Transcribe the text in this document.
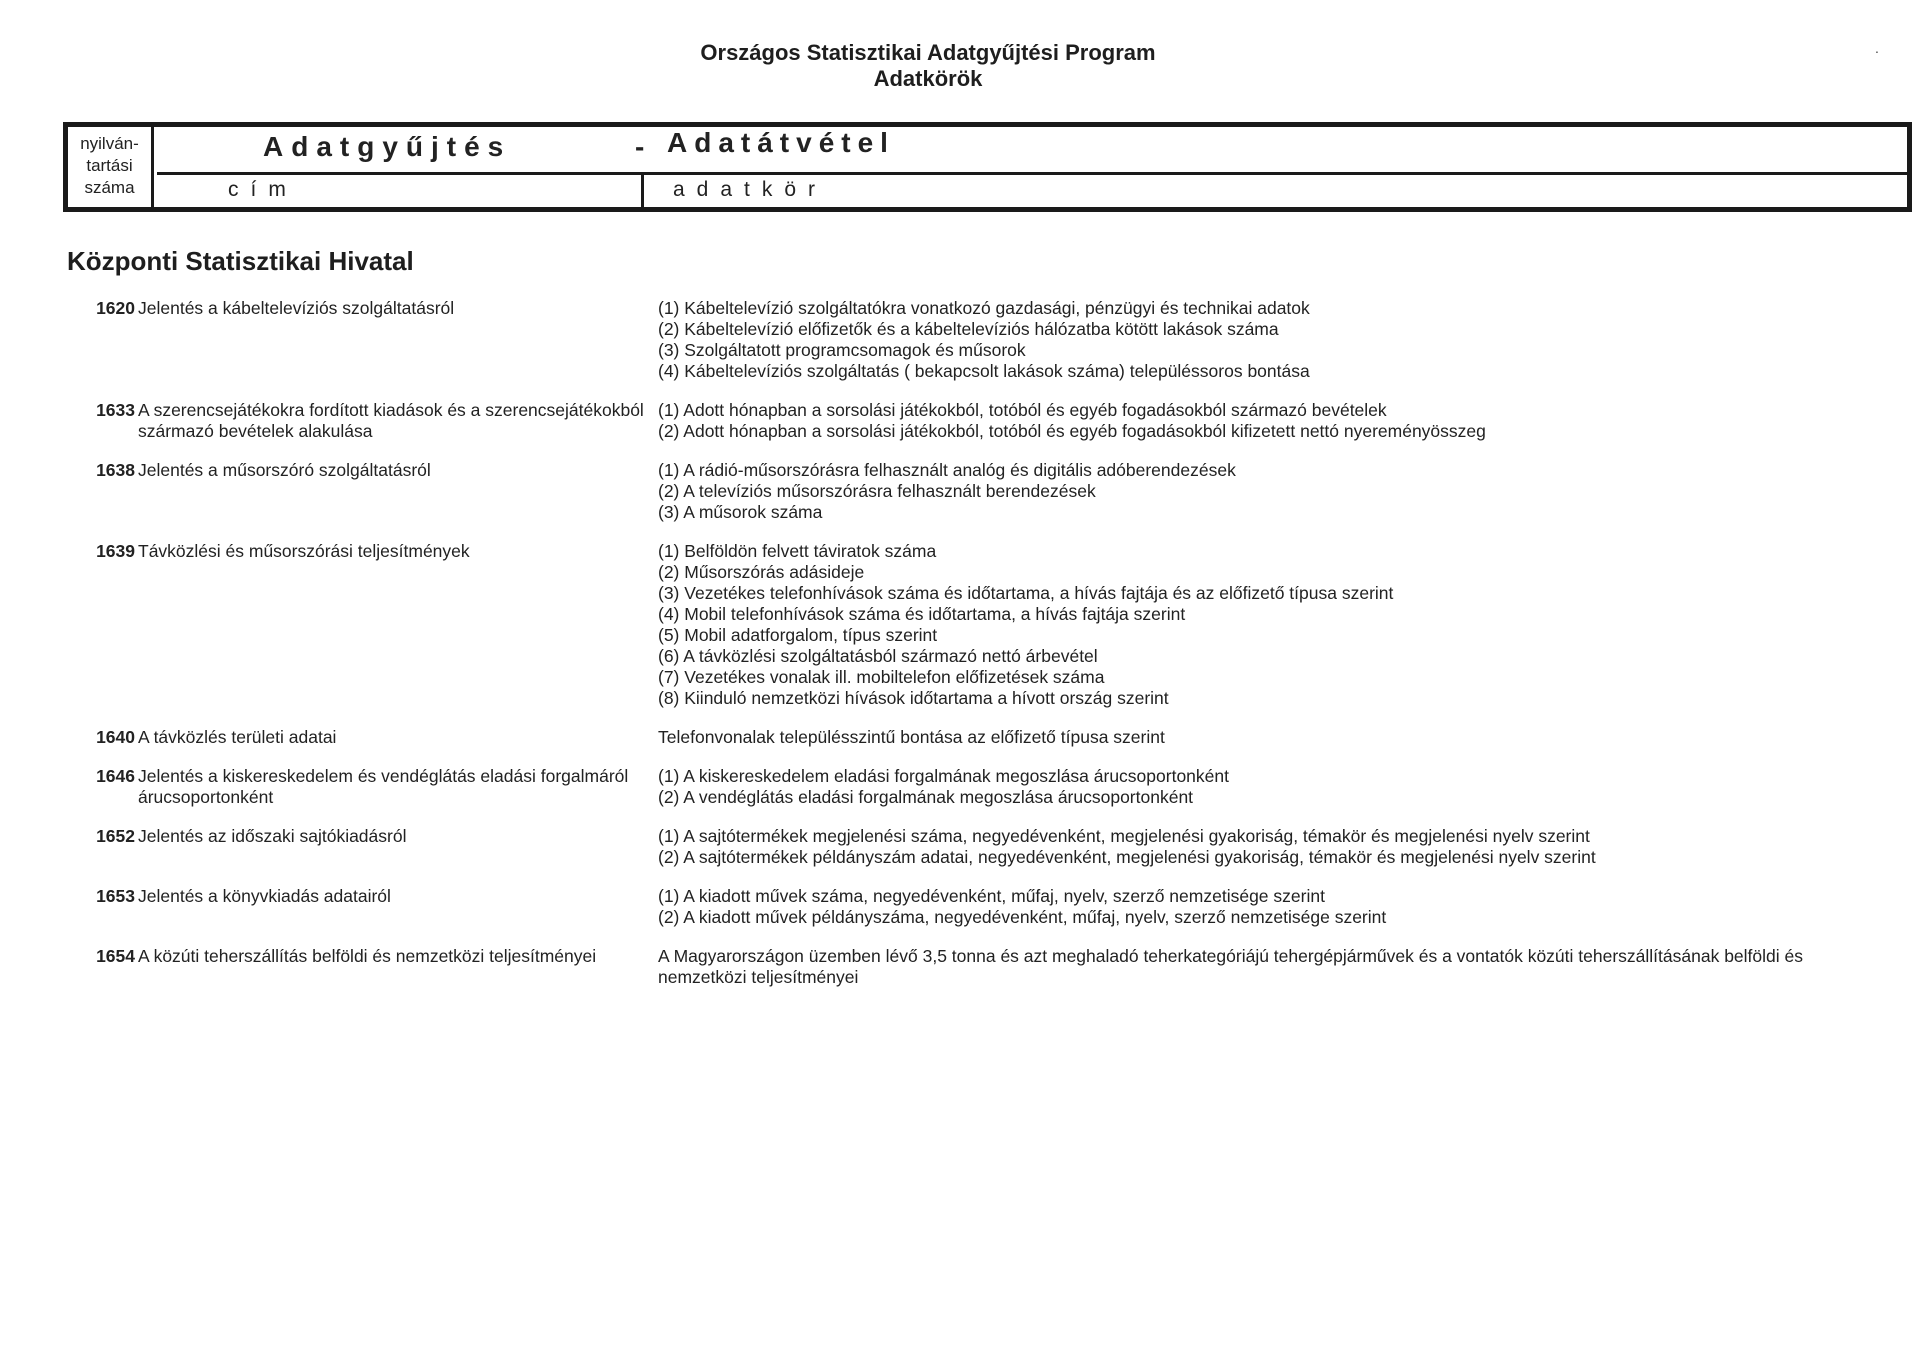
Országos Statisztikai Adatgyűjtési Program
Adatkörök
.
nyilván-
tartási
száma
Adatgyűjtés	- Adatátvétel
cím	adatkör
Központi Statisztikai Hivatal
1620 Jelentés a kábeltelevíziós szolgáltatásról	(1) Kábeltelevízió szolgáltatókra vonatkozó gazdasági, pénzügyi és technikai adatok
(2) Kábeltelevízió előfizetők és a kábeltelevíziós hálózatba kötött lakások száma
(3) Szolgáltatott programcsomagok és műsorok
(4) Kábeltelevíziós szolgáltatás ( bekapcsolt lakások száma) településsoros bontása
1633 A szerencsejátékokra fordított kiadások és a szerencsejátékokból származó bevételek alakulása
(1) Adott hónapban a sorsolási játékokból, totóból és egyéb fogadásokból származó bevételek
(2) Adott hónapban a sorsolási játékokból, totóból és egyéb fogadásokból kifizetett nettó nyereményösszeg
1638 Jelentés a műsorszóró szolgáltatásról	(1) A rádió-műsorszórásra felhasznált analóg és digitális adóberendezések
(2) A televíziós műsorszórásra felhasznált berendezések
(3) A műsorok száma
1639 Távközlési és műsorszórási teljesítmények	(1) Belföldön felvett táviratok száma
(2) Műsorszórás adásideje
(3) Vezetékes telefonhívások száma és időtartama, a hívás fajtája és az előfizető típusa szerint
(4) Mobil telefonhívások száma és időtartama, a hívás fajtája szerint
(5) Mobil adatforgalom, típus szerint
(6) A távközlési szolgáltatásból származó nettó árbevétel
(7) Vezetékes vonalak ill. mobiltelefon előfizetések száma
(8) Kiinduló nemzetközi hívások időtartama a hívott ország szerint
1640 A távközlés területi adatai	Telefonvonalak településszintű bontása az előfizető típusa szerint
1646 Jelentés a kiskereskedelem és vendéglátás eladási forgalmáról árucsoportonként
(1) A kiskereskedelem eladási forgalmának megoszlása árucsoportonként
(2) A vendéglátás eladási forgalmának megoszlása árucsoportonként
1652 Jelentés az időszaki sajtókiadásról	(1) A sajtótermékek megjelenési száma, negyedévenként, megjelenési gyakoriság, témakör és megjelenési nyelv szerint
(2) A sajtótermékek példányszám adatai, negyedévenként, megjelenési gyakoriság, témakör és megjelenési nyelv szerint
1653 Jelentés a könyvkiadás adatairól	(1) A kiadott művek száma, negyedévenként, műfaj, nyelv, szerző nemzetisége szerint
(2) A kiadott művek példányszáma, negyedévenként, műfaj, nyelv, szerző nemzetisége szerint
1654 A közúti teherszállítás belföldi és nemzetközi teljesítményei	A Magyarországon üzemben lévő 3,5 tonna és azt meghaladó teherkategóriájú tehergépjárművek és a vontatók közúti teherszállításának belföldi és nemzetközi teljesítményei
